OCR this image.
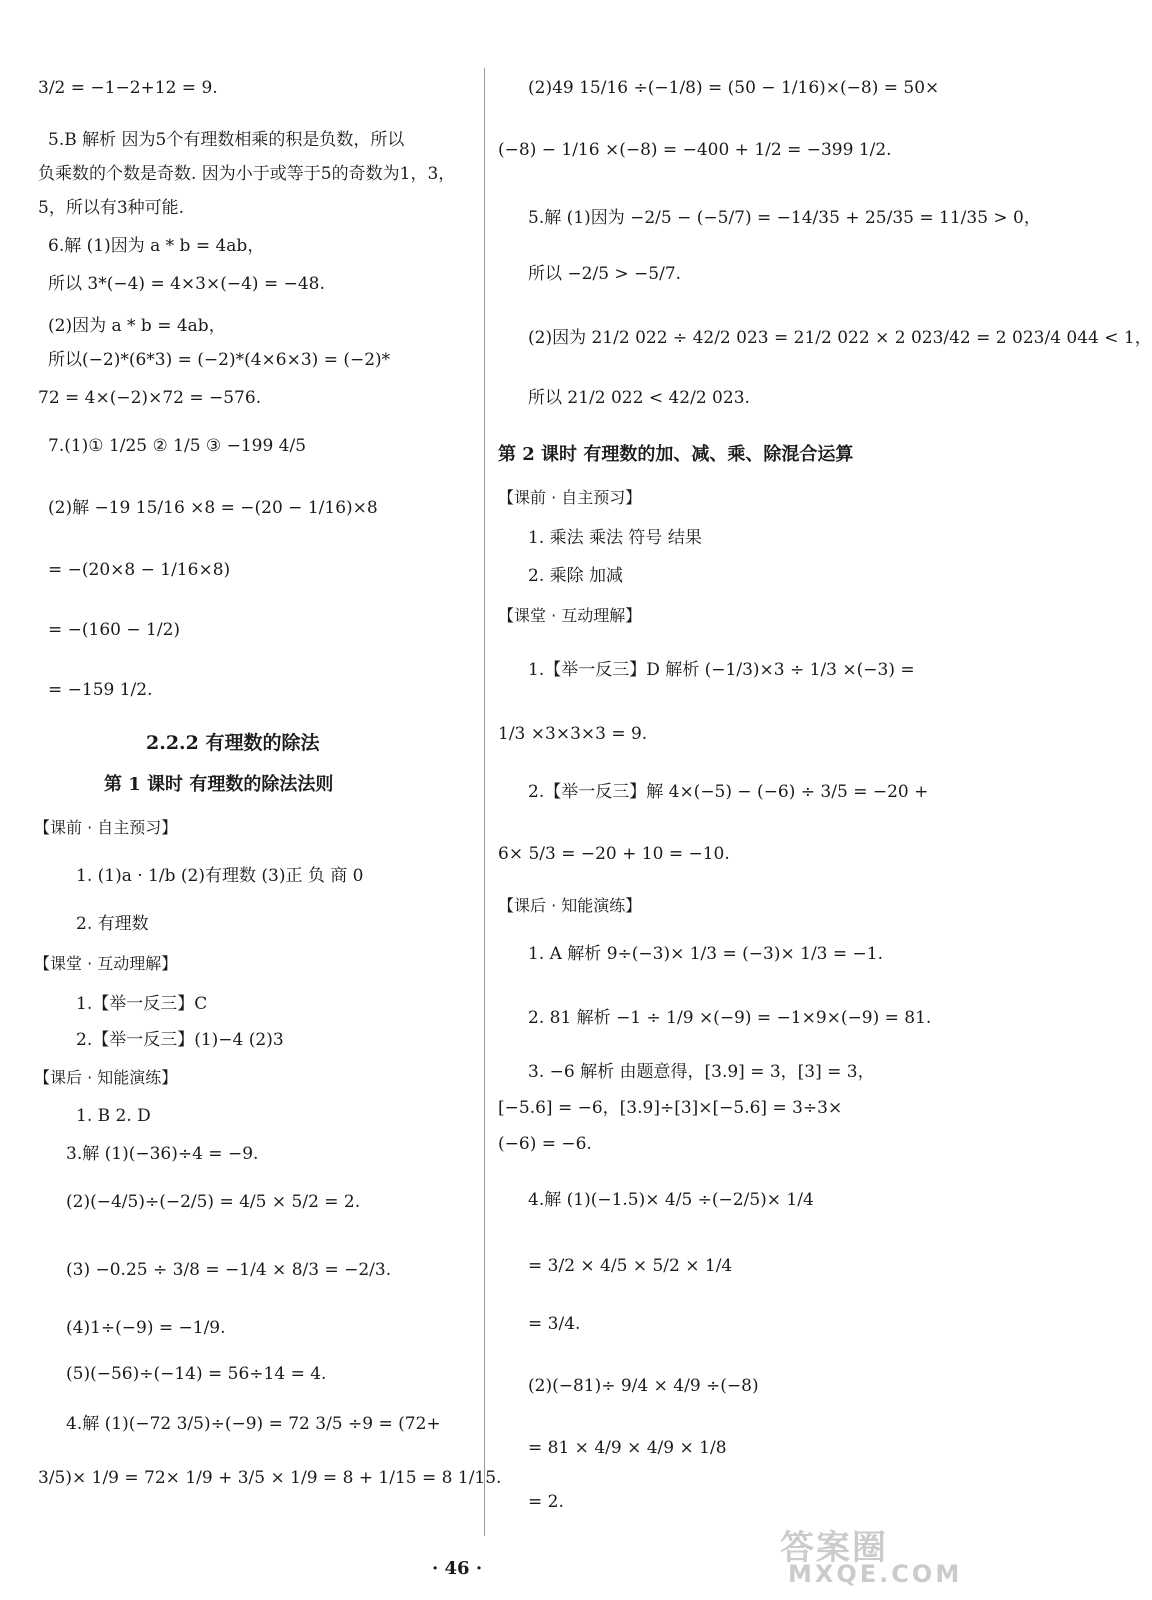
3/2 = −1−2+12 = 9.
5.B 解析 因为5个有理数相乘的积是负数，所以
负乘数的个数是奇数. 因为小于或等于5的奇数为1，3，
5，所以有3种可能.
6.解 (1)因为 a * b = 4ab，
所以 3*(−4) = 4×3×(−4) = −48.
(2)因为 a * b = 4ab，
所以(−2)*(6*3) = (−2)*(4×6×3) = (−2)*
72 = 4×(−2)×72 = −576.
7.(1)① 1/25 ② 1/5 ③ −199 4/5
(2)解 −19 15/16 ×8 = −(20 − 1/16)×8
= −(20×8 − 1/16×8)
= −(160 − 1/2)
= −159 1/2.
2.2.2 有理数的除法
第 1 课时 有理数的除法法则
【课前 · 自主预习】
1. (1)a · 1/b (2)有理数 (3)正 负 商 0
2. 有理数
【课堂 · 互动理解】
1.【举一反三】C
2.【举一反三】(1)−4 (2)3
【课后 · 知能演练】
1. B 2. D
3.解 (1)(−36)÷4 = −9.
(2)(−4/5)÷(−2/5) = 4/5 × 5/2 = 2.
(3) −0.25 ÷ 3/8 = −1/4 × 8/3 = −2/3.
(4)1÷(−9) = −1/9.
(5)(−56)÷(−14) = 56÷14 = 4.
4.解 (1)(−72 3/5)÷(−9) = 72 3/5 ÷9 = (72+
3/5)× 1/9 = 72× 1/9 + 3/5 × 1/9 = 8 + 1/15 = 8 1/15.
(2)49 15/16 ÷(−1/8) = (50 − 1/16)×(−8) = 50×
(−8) − 1/16 ×(−8) = −400 + 1/2 = −399 1/2.
5.解 (1)因为 −2/5 − (−5/7) = −14/35 + 25/35 = 11/35 > 0，
所以 −2/5 > −5/7.
(2)因为 21/2 022 ÷ 42/2 023 = 21/2 022 × 2 023/42 = 2 023/4 044 < 1，
所以 21/2 022 < 42/2 023.
第 2 课时 有理数的加、减、乘、除混合运算
【课前 · 自主预习】
1. 乘法 乘法 符号 结果
2. 乘除 加减
【课堂 · 互动理解】
1.【举一反三】D 解析 (−1/3)×3 ÷ 1/3 ×(−3) =
1/3 ×3×3×3 = 9.
2.【举一反三】解 4×(−5) − (−6) ÷ 3/5 = −20 +
6× 5/3 = −20 + 10 = −10.
【课后 · 知能演练】
1. A 解析 9÷(−3)× 1/3 = (−3)× 1/3 = −1.
2. 81 解析 −1 ÷ 1/9 ×(−9) = −1×9×(−9) = 81.
3. −6 解析 由题意得，[3.9] = 3，[3] = 3，
[−5.6] = −6，[3.9]÷[3]×[−5.6] = 3÷3×
(−6) = −6.
4.解 (1)(−1.5)× 4/5 ÷(−2/5)× 1/4
= 3/2 × 4/5 × 5/2 × 1/4
= 3/4.
(2)(−81)÷ 9/4 × 4/9 ÷(−8)
= 81 × 4/9 × 4/9 × 1/8
= 2.
· 46 ·
答案圈
MXQE.COM
